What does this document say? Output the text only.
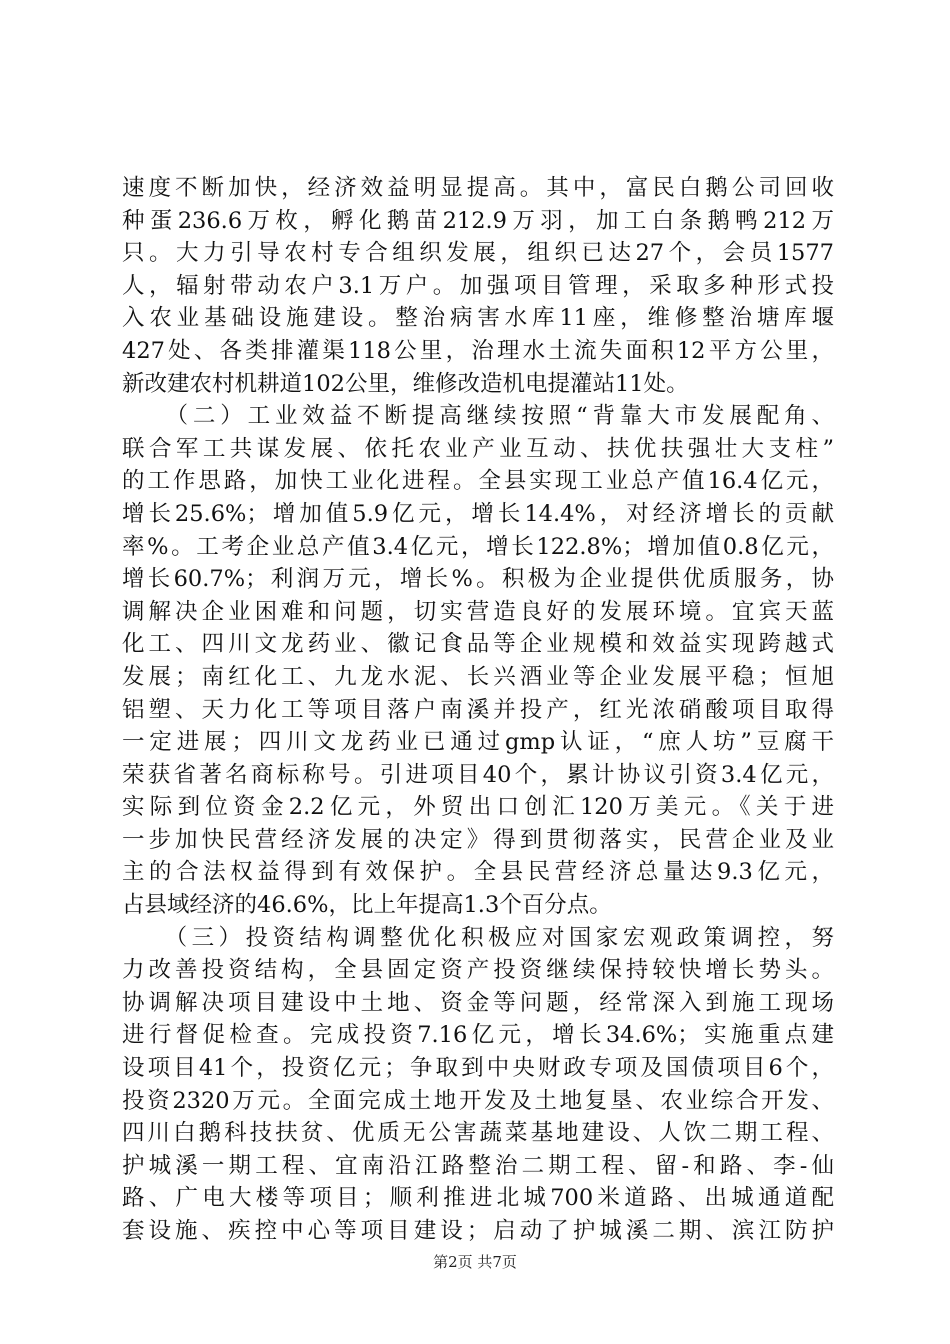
速度不断加快，经济效益明显提高。其中，富民白鹅公司回收
种蛋236.6万枚，孵化鹅苗212.9万羽，加工白条鹅鸭212万
只。大力引导农村专合组织发展，组织已达27个，会员1577
人，辐射带动农户3.1万户。加强项目管理，采取多种形式投
入农业基础设施建设。整治病害水库11座，维修整治塘库堰
427处、各类排灌渠118公里，治理水土流失面积12平方公里，
新改建农村机耕道102公里，维修改造机电提灌站11处。
　　（二）工业效益不断提高继续按照“背靠大市发展配角、
联合军工共谋发展、依托农业产业互动、扶优扶强壮大支柱”
的工作思路，加快工业化进程。全县实现工业总产值16.4亿元，
增长25.6%；增加值5.9亿元，增长14.4%，对经济增长的贡献
率%。工考企业总产值3.4亿元，增长122.8%；增加值0.8亿元，
增长60.7%；利润万元，增长%。积极为企业提供优质服务，协
调解决企业困难和问题，切实营造良好的发展环境。宜宾天蓝
化工、四川文龙药业、徽记食品等企业规模和效益实现跨越式
发展；南红化工、九龙水泥、长兴酒业等企业发展平稳；恒旭
铝塑、天力化工等项目落户南溪并投产，红光浓硝酸项目取得
一定进展；四川文龙药业已通过gmp认证，“庶人坊”豆腐干
荣获省著名商标称号。引进项目40个，累计协议引资3.4亿元，
实际到位资金2.2亿元，外贸出口创汇120万美元。《关于进
一步加快民营经济发展的决定》得到贯彻落实，民营企业及业
主的合法权益得到有效保护。全县民营经济总量达9.3亿元，
占县域经济的46.6%，比上年提高1.3个百分点。
　　（三）投资结构调整优化积极应对国家宏观政策调控，努
力改善投资结构，全县固定资产投资继续保持较快增长势头。
协调解决项目建设中土地、资金等问题，经常深入到施工现场
进行督促检查。完成投资7.16亿元，增长34.6%；实施重点建
设项目41个，投资亿元；争取到中央财政专项及国债项目6个，
投资2320万元。全面完成土地开发及土地复垦、农业综合开发、
四川白鹅科技扶贫、优质无公害蔬菜基地建设、人饮二期工程、
护城溪一期工程、宜南沿江路整治二期工程、留-和路、李-仙
路、广电大楼等项目；顺利推进北城700米道路、出城通道配
套设施、疾控中心等项目建设；启动了护城溪二期、滨江防护
第2页 共7页
